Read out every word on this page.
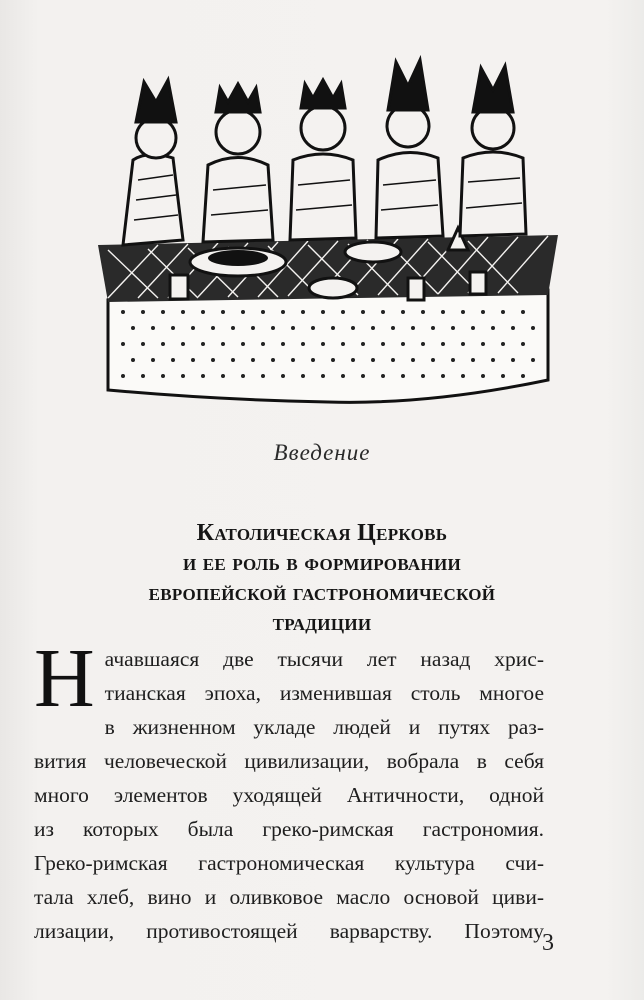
Введение
Католическая Церковь
и ее роль в формировании
европейской гастрономической
традиции
Н ачавшаяся две тысячи лет назад хрис-
тианская эпоха, изменившая столь многое
в жизненном укладе людей и путях раз-
вития человеческой цивилизации, вобрала в себя
много элементов уходящей Античности, одной
из которых была греко-римская гастрономия.
Греко-римская гастрономическая культура счи-
тала хлеб, вино и оливковое масло основой циви-
лизации, противостоящей варварству. Поэтому
3
